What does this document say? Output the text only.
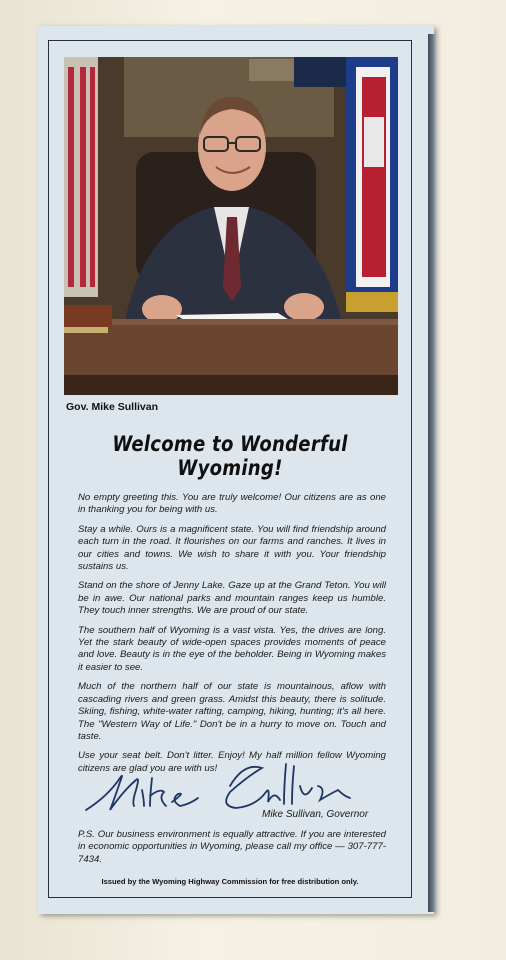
Gov. Mike Sullivan
Welcome to Wonderful Wyoming!

No empty greeting this. You are truly welcome! Our citizens are as one in thanking you for being with us.

Stay a while. Ours is a magnificent state. You will find friendship around each turn in the road. It flourishes on our farms and ranches. It lives in our cities and towns. We wish to share it with you. Your friendship sustains us.

Stand on the shore of Jenny Lake. Gaze up at the Grand Teton. You will be in awe. Our national parks and mountain ranges keep us humble. They touch inner strengths. We are proud of our state.

The southern half of Wyoming is a vast vista. Yes, the drives are long. Yet the stark beauty of wide-open spaces provides moments of peace and love. Beauty is in the eye of the beholder. Being in Wyoming makes it easier to see.

Much of the northern half of our state is mountainous, aflow with cascading rivers and green grass. Amidst this beauty, there is solitude. Skiing, fishing, white-water rafting, camping, hiking, hunting; it's all here. The "Western Way of Life." Don't be in a hurry to move on. Touch and taste.

Use your seat belt. Don't litter. Enjoy! My half million fellow Wyoming citizens are glad you are with us!

Mike Sullivan, Governor

P.S. Our business environment is equally attractive. If you are interested in economic opportunities in Wyoming, please call my office — 307-777-7434.

Issued by the Wyoming Highway Commission for free distribution only.
